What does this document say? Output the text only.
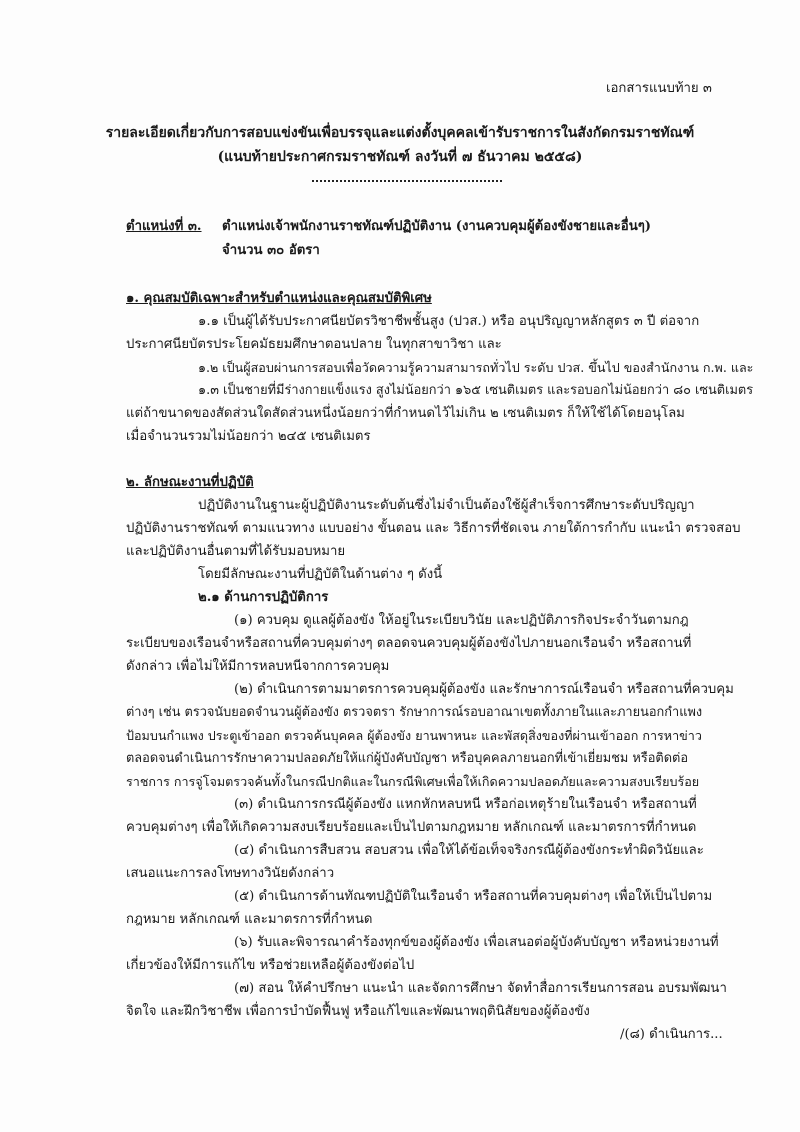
เอกสารแนบท้าย ๓
รายละเอียดเกี่ยวกับการสอบแข่งขันเพื่อบรรจุและแต่งตั้งบุคคลเข้ารับราชการในสังกัดกรมราชทัณฑ์
(แนบท้ายประกาศกรมราชทัณฑ์ ลงวันที่ ๗ ธันวาคม ๒๕๕๘)
ตำแหน่งที่ ๓. ตำแหน่งเจ้าพนักงานราชทัณฑ์ปฏิบัติงาน (งานควบคุมผู้ต้องขังชายและอื่นๆ)
จำนวน ๓๐ อัตรา
๑. คุณสมบัติเฉพาะสำหรับตำแหน่งและคุณสมบัติพิเศษ
๑.๑ เป็นผู้ได้รับประกาศนียบัตรวิชาชีพชั้นสูง (ปวส.) หรือ อนุปริญญาหลักสูตร ๓ ปี ต่อจาก
ประกาศนียบัตรประโยคมัธยมศึกษาตอนปลาย ในทุกสาขาวิชา และ
๑.๒ เป็นผู้สอบผ่านการสอบเพื่อวัดความรู้ความสามารถทั่วไป ระดับ ปวส. ขึ้นไป ของสำนักงาน ก.พ. และ
๑.๓ เป็นชายที่มีร่างกายแข็งแรง สูงไม่น้อยกว่า ๑๖๕ เซนติเมตร และรอบอกไม่น้อยกว่า ๘๐ เซนติเมตร
แต่ถ้าขนาดของสัดส่วนใดสัดส่วนหนึ่งน้อยกว่าที่กำหนดไว้ไม่เกิน ๒ เซนติเมตร ก็ให้ใช้ได้โดยอนุโลม
เมื่อจำนวนรวมไม่น้อยกว่า ๒๔๕ เซนติเมตร
๒. ลักษณะงานที่ปฏิบัติ
ปฏิบัติงานในฐานะผู้ปฏิบัติงานระดับต้นซึ่งไม่จำเป็นต้องใช้ผู้สำเร็จการศึกษาระดับปริญญา
ปฏิบัติงานราชทัณฑ์ ตามแนวทาง แบบอย่าง ขั้นตอน และ วิธีการที่ชัดเจน ภายใต้การกำกับ แนะนำ ตรวจสอบ
และปฏิบัติงานอื่นตามที่ได้รับมอบหมาย
โดยมีลักษณะงานที่ปฏิบัติในด้านต่าง ๆ ดังนี้
๒.๑ ด้านการปฏิบัติการ
(๑) ควบคุม ดูแลผู้ต้องขัง ให้อยู่ในระเบียบวินัย และปฏิบัติภารกิจประจำวันตามกฎ
ระเบียบของเรือนจำหรือสถานที่ควบคุมต่างๆ ตลอดจนควบคุมผู้ต้องขังไปภายนอกเรือนจำ หรือสถานที่
ดังกล่าว เพื่อไม่ให้มีการหลบหนีจากการควบคุม
(๒) ดำเนินการตามมาตรการควบคุมผู้ต้องขัง และรักษาการณ์เรือนจำ หรือสถานที่ควบคุม
ต่างๆ เช่น ตรวจนับยอดจำนวนผู้ต้องขัง ตรวจตรา รักษาการณ์รอบอาณาเขตทั้งภายในและภายนอกกำแพง
ป้อมบนกำแพง ประตูเข้าออก ตรวจค้นบุคคล ผู้ต้องขัง ยานพาหนะ และพัสดุสิ่งของที่ผ่านเข้าออก การหาข่าว
ตลอดจนดำเนินการรักษาความปลอดภัยให้แก่ผู้บังคับบัญชา หรือบุคคลภายนอกที่เข้าเยี่ยมชม หรือติดต่อ
ราชการ การจู่โจมตรวจค้นทั้งในกรณีปกติและในกรณีพิเศษเพื่อให้เกิดความปลอดภัยและความสงบเรียบร้อย
(๓) ดำเนินการกรณีผู้ต้องขัง แหกหักหลบหนี หรือก่อเหตุร้ายในเรือนจำ หรือสถานที่
ควบคุมต่างๆ เพื่อให้เกิดความสงบเรียบร้อยและเป็นไปตามกฎหมาย หลักเกณฑ์ และมาตรการที่กำหนด
(๔) ดำเนินการสืบสวน สอบสวน เพื่อให้ได้ข้อเท็จจริงกรณีผู้ต้องขังกระทำผิดวินัยและ
เสนอแนะการลงโทษทางวินัยดังกล่าว
(๕) ดำเนินการด้านทัณฑปฏิบัติในเรือนจำ หรือสถานที่ควบคุมต่างๆ เพื่อให้เป็นไปตาม
กฎหมาย หลักเกณฑ์ และมาตรการที่กำหนด
(๖) รับและพิจารณาคำร้องทุกข์ของผู้ต้องขัง เพื่อเสนอต่อผู้บังคับบัญชา หรือหน่วยงานที่
เกี่ยวข้องให้มีการแก้ไข หรือช่วยเหลือผู้ต้องขังต่อไป
(๗) สอน ให้คำปรึกษา แนะนำ และจัดการศึกษา จัดทำสื่อการเรียนการสอน อบรมพัฒนา
จิตใจ และฝึกวิชาชีพ เพื่อการบำบัดฟื้นฟู หรือแก้ไขและพัฒนาพฤตินิสัยของผู้ต้องขัง
/(๘) ดำเนินการ...
